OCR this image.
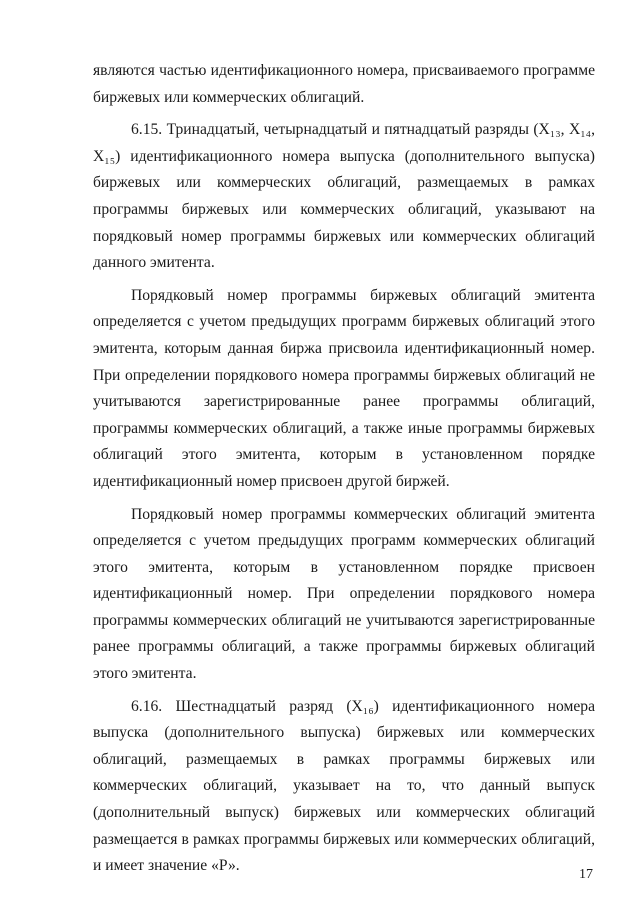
являются частью идентификационного номера, присваиваемого программе биржевых или коммерческих облигаций.

6.15. Тринадцатый, четырнадцатый и пятнадцатый разряды (X₁₃, X₁₄, X₁₅) идентификационного номера выпуска (дополнительного выпуска) биржевых или коммерческих облигаций, размещаемых в рамках программы биржевых или коммерческих облигаций, указывают на порядковый номер программы биржевых или коммерческих облигаций данного эмитента.

Порядковый номер программы биржевых облигаций эмитента определяется с учетом предыдущих программ биржевых облигаций этого эмитента, которым данная биржа присвоила идентификационный номер. При определении порядкового номера программы биржевых облигаций не учитываются зарегистрированные ранее программы облигаций, программы коммерческих облигаций, а также иные программы биржевых облигаций этого эмитента, которым в установленном порядке идентификационный номер присвоен другой биржей.

Порядковый номер программы коммерческих облигаций эмитента определяется с учетом предыдущих программ коммерческих облигаций этого эмитента, которым в установленном порядке присвоен идентификационный номер. При определении порядкового номера программы коммерческих облигаций не учитываются зарегистрированные ранее программы облигаций, а также программы биржевых облигаций этого эмитента.

6.16. Шестнадцатый разряд (X₁₆) идентификационного номера выпуска (дополнительного выпуска) биржевых или коммерческих облигаций, размещаемых в рамках программы биржевых или коммерческих облигаций, указывает на то, что данный выпуск (дополнительный выпуск) биржевых или коммерческих облигаций размещается в рамках программы биржевых или коммерческих облигаций, и имеет значение «Р».

17
